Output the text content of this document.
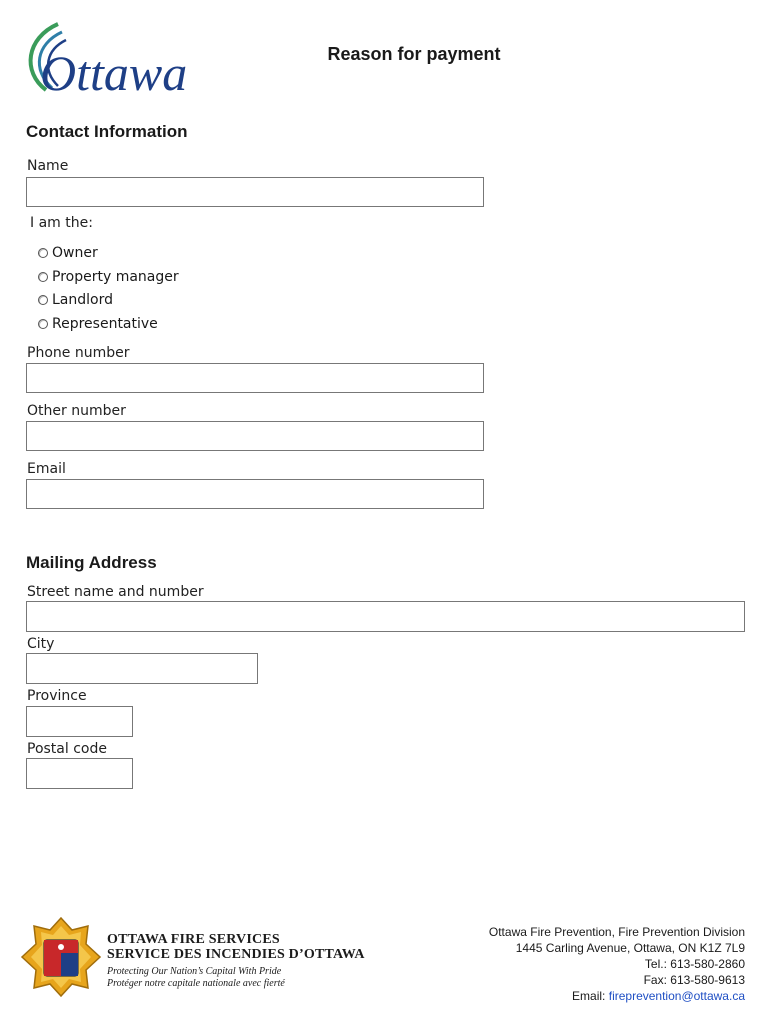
Ottawa	Reason for payment
Contact Information
Name
I am the:
Owner
Property manager
Landlord
Representative
Phone number
Other number
Email
Mailing Address
Street name and number
City
Province
Postal code
OTTAWA FIRE SERVICES
SERVICE DES INCENDIES D’OTTAWA
Protecting Our Nation’s Capital With Pride
Protéger notre capitale nationale avec fierté
Ottawa Fire Prevention, Fire Prevention Division
1445 Carling Avenue, Ottawa, ON K1Z 7L9
Tel.: 613-580-2860
Fax: 613-580-9613
Email: fireprevention@ottawa.ca
